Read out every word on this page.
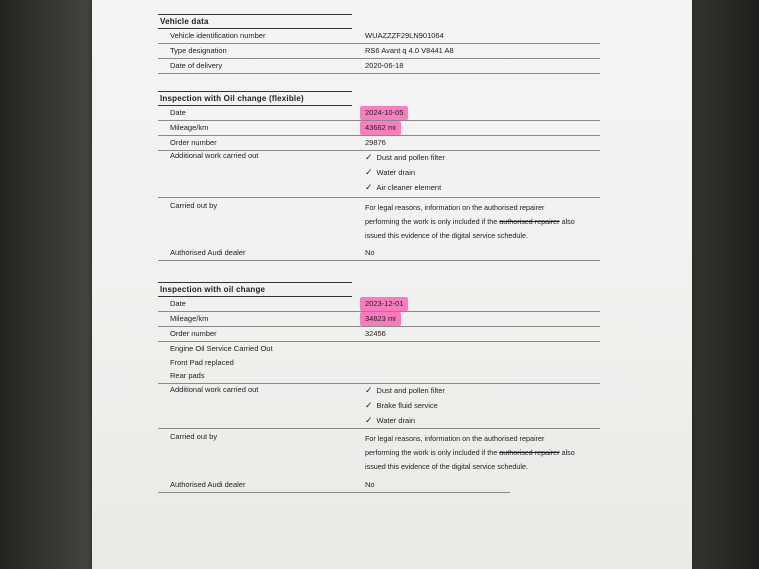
Vehicle data
Vehicle identification number	WUAZZZF29LN901064
Type designation	RS6 Avant q 4.0 V8441 A8
Date of delivery	2020-06-18
Inspection with Oil change (flexible)
Date	2024-10-05
Mileage/km	43662 mi
Order number	29876
Additional work carried out	✓ Dust and pollen filter
✓ Water drain
✓ Air cleaner element
Carried out by	For legal reasons, information on the authorised repairer
performing the work is only included if the authorised repairer also
issued this evidence of the digital service schedule.
Authorised Audi dealer	No
Inspection with oil change
Date	2023-12-01
Mileage/km	34823 mi
Order number	32456
Engine Oil Service Carried Out
Front Pad replaced
Rear pads
Additional work carried out	✓ Dust and pollen filter
✓ Brake fluid service
✓ Water drain
Carried out by	For legal reasons, information on the authorised repairer
performing the work is only included if the authorised repairer also
issued this evidence of the digital service schedule.
Authorised Audi dealer	No
